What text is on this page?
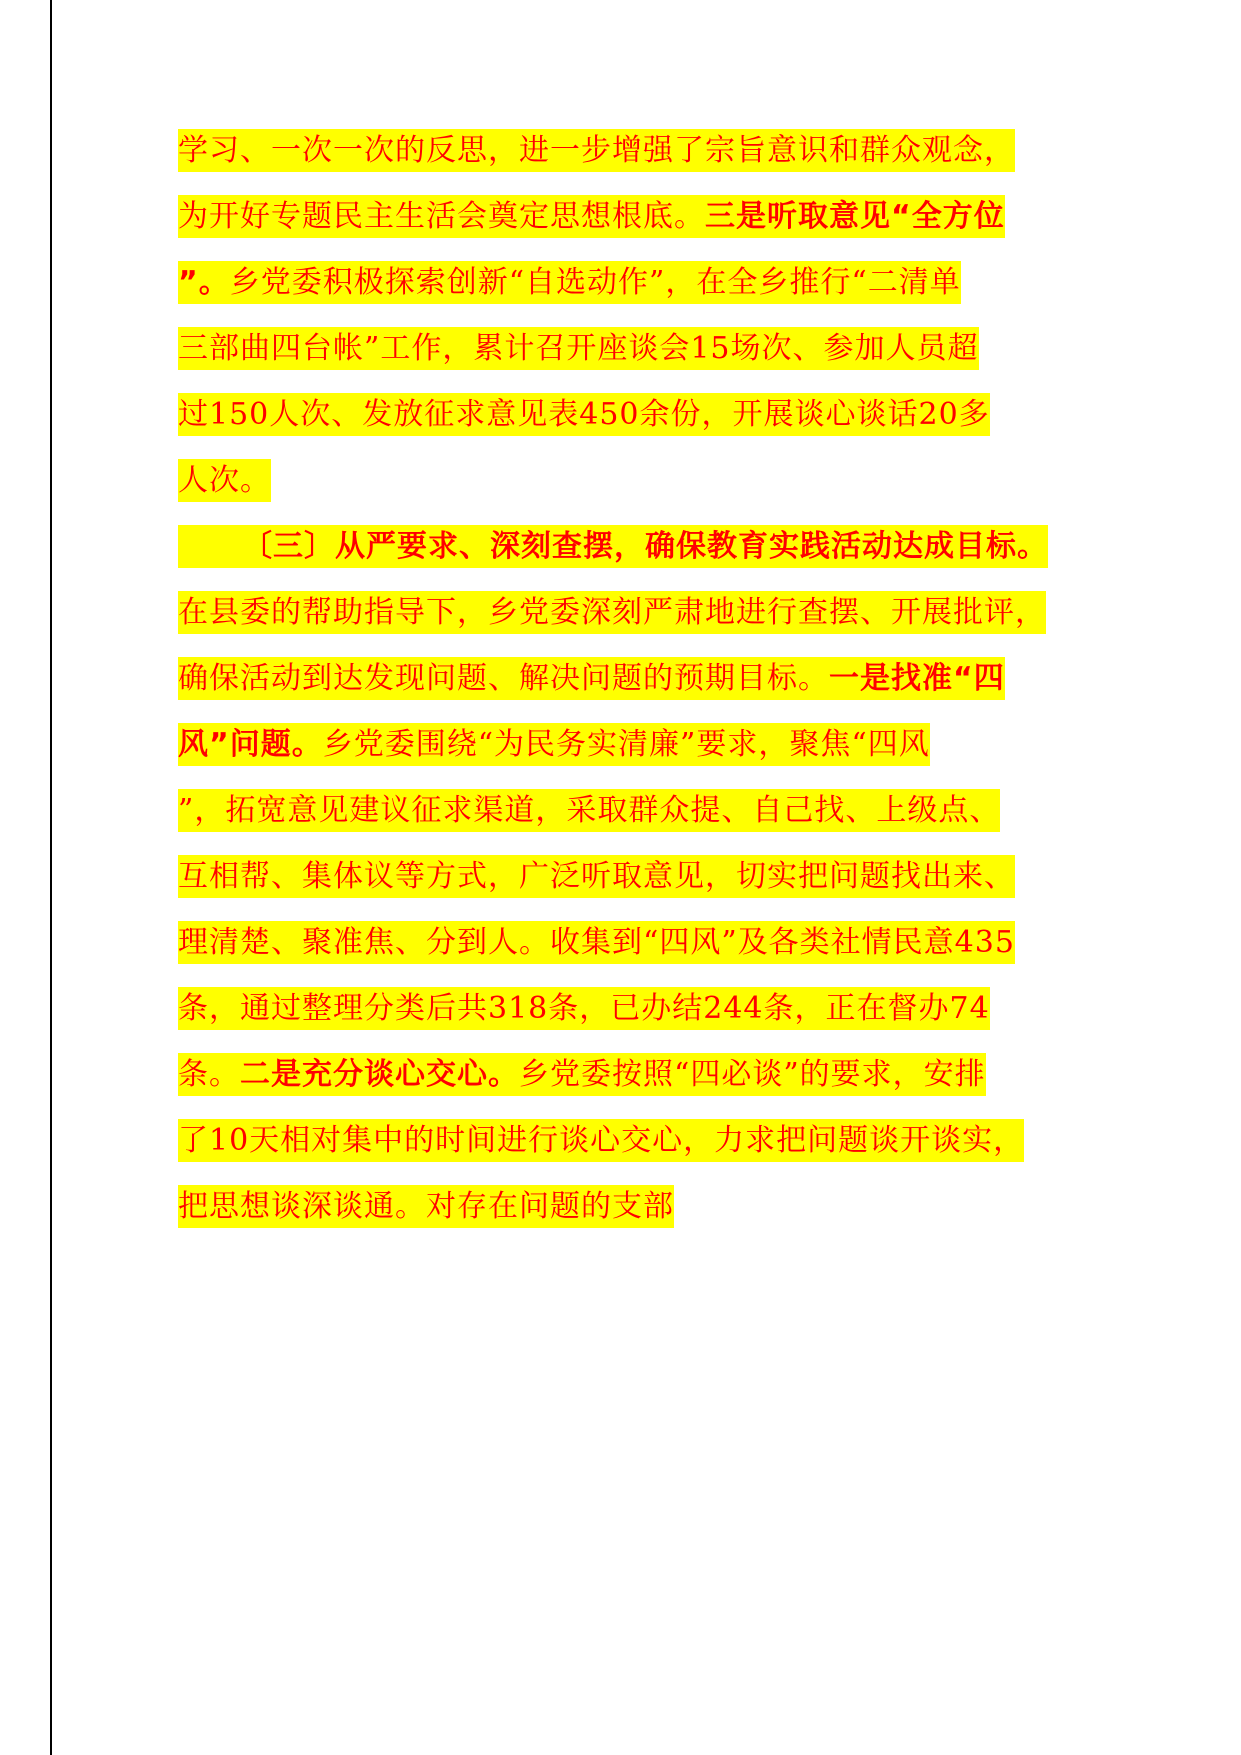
学习、一次一次的反思，进一步增强了宗旨意识和群众观念，
为开好专题民主生活会奠定思想根底。三是听取意见“全方位
”。乡党委积极探索创新“自选动作”，在全乡推行“二清单
三部曲四台帐”工作，累计召开座谈会15场次、参加人员超
过150人次、发放征求意见表450余份，开展谈心谈话20多
人次。
〔三〕从严要求、深刻查摆，确保教育实践活动达成目标。
在县委的帮助指导下，乡党委深刻严肃地进行查摆、开展批评，
确保活动到达发现问题、解决问题的预期目标。一是找准“四
风”问题。乡党委围绕“为民务实清廉”要求，聚焦“四风
”，拓宽意见建议征求渠道，采取群众提、自己找、上级点、
互相帮、集体议等方式，广泛听取意见，切实把问题找出来、
理清楚、聚准焦、分到人。收集到“四风”及各类社情民意435
条，通过整理分类后共318条，已办结244条，正在督办74
条。二是充分谈心交心。乡党委按照“四必谈”的要求，安排
了10天相对集中的时间进行谈心交心，力求把问题谈开谈实，
把思想谈深谈通。对存在问题的支部
